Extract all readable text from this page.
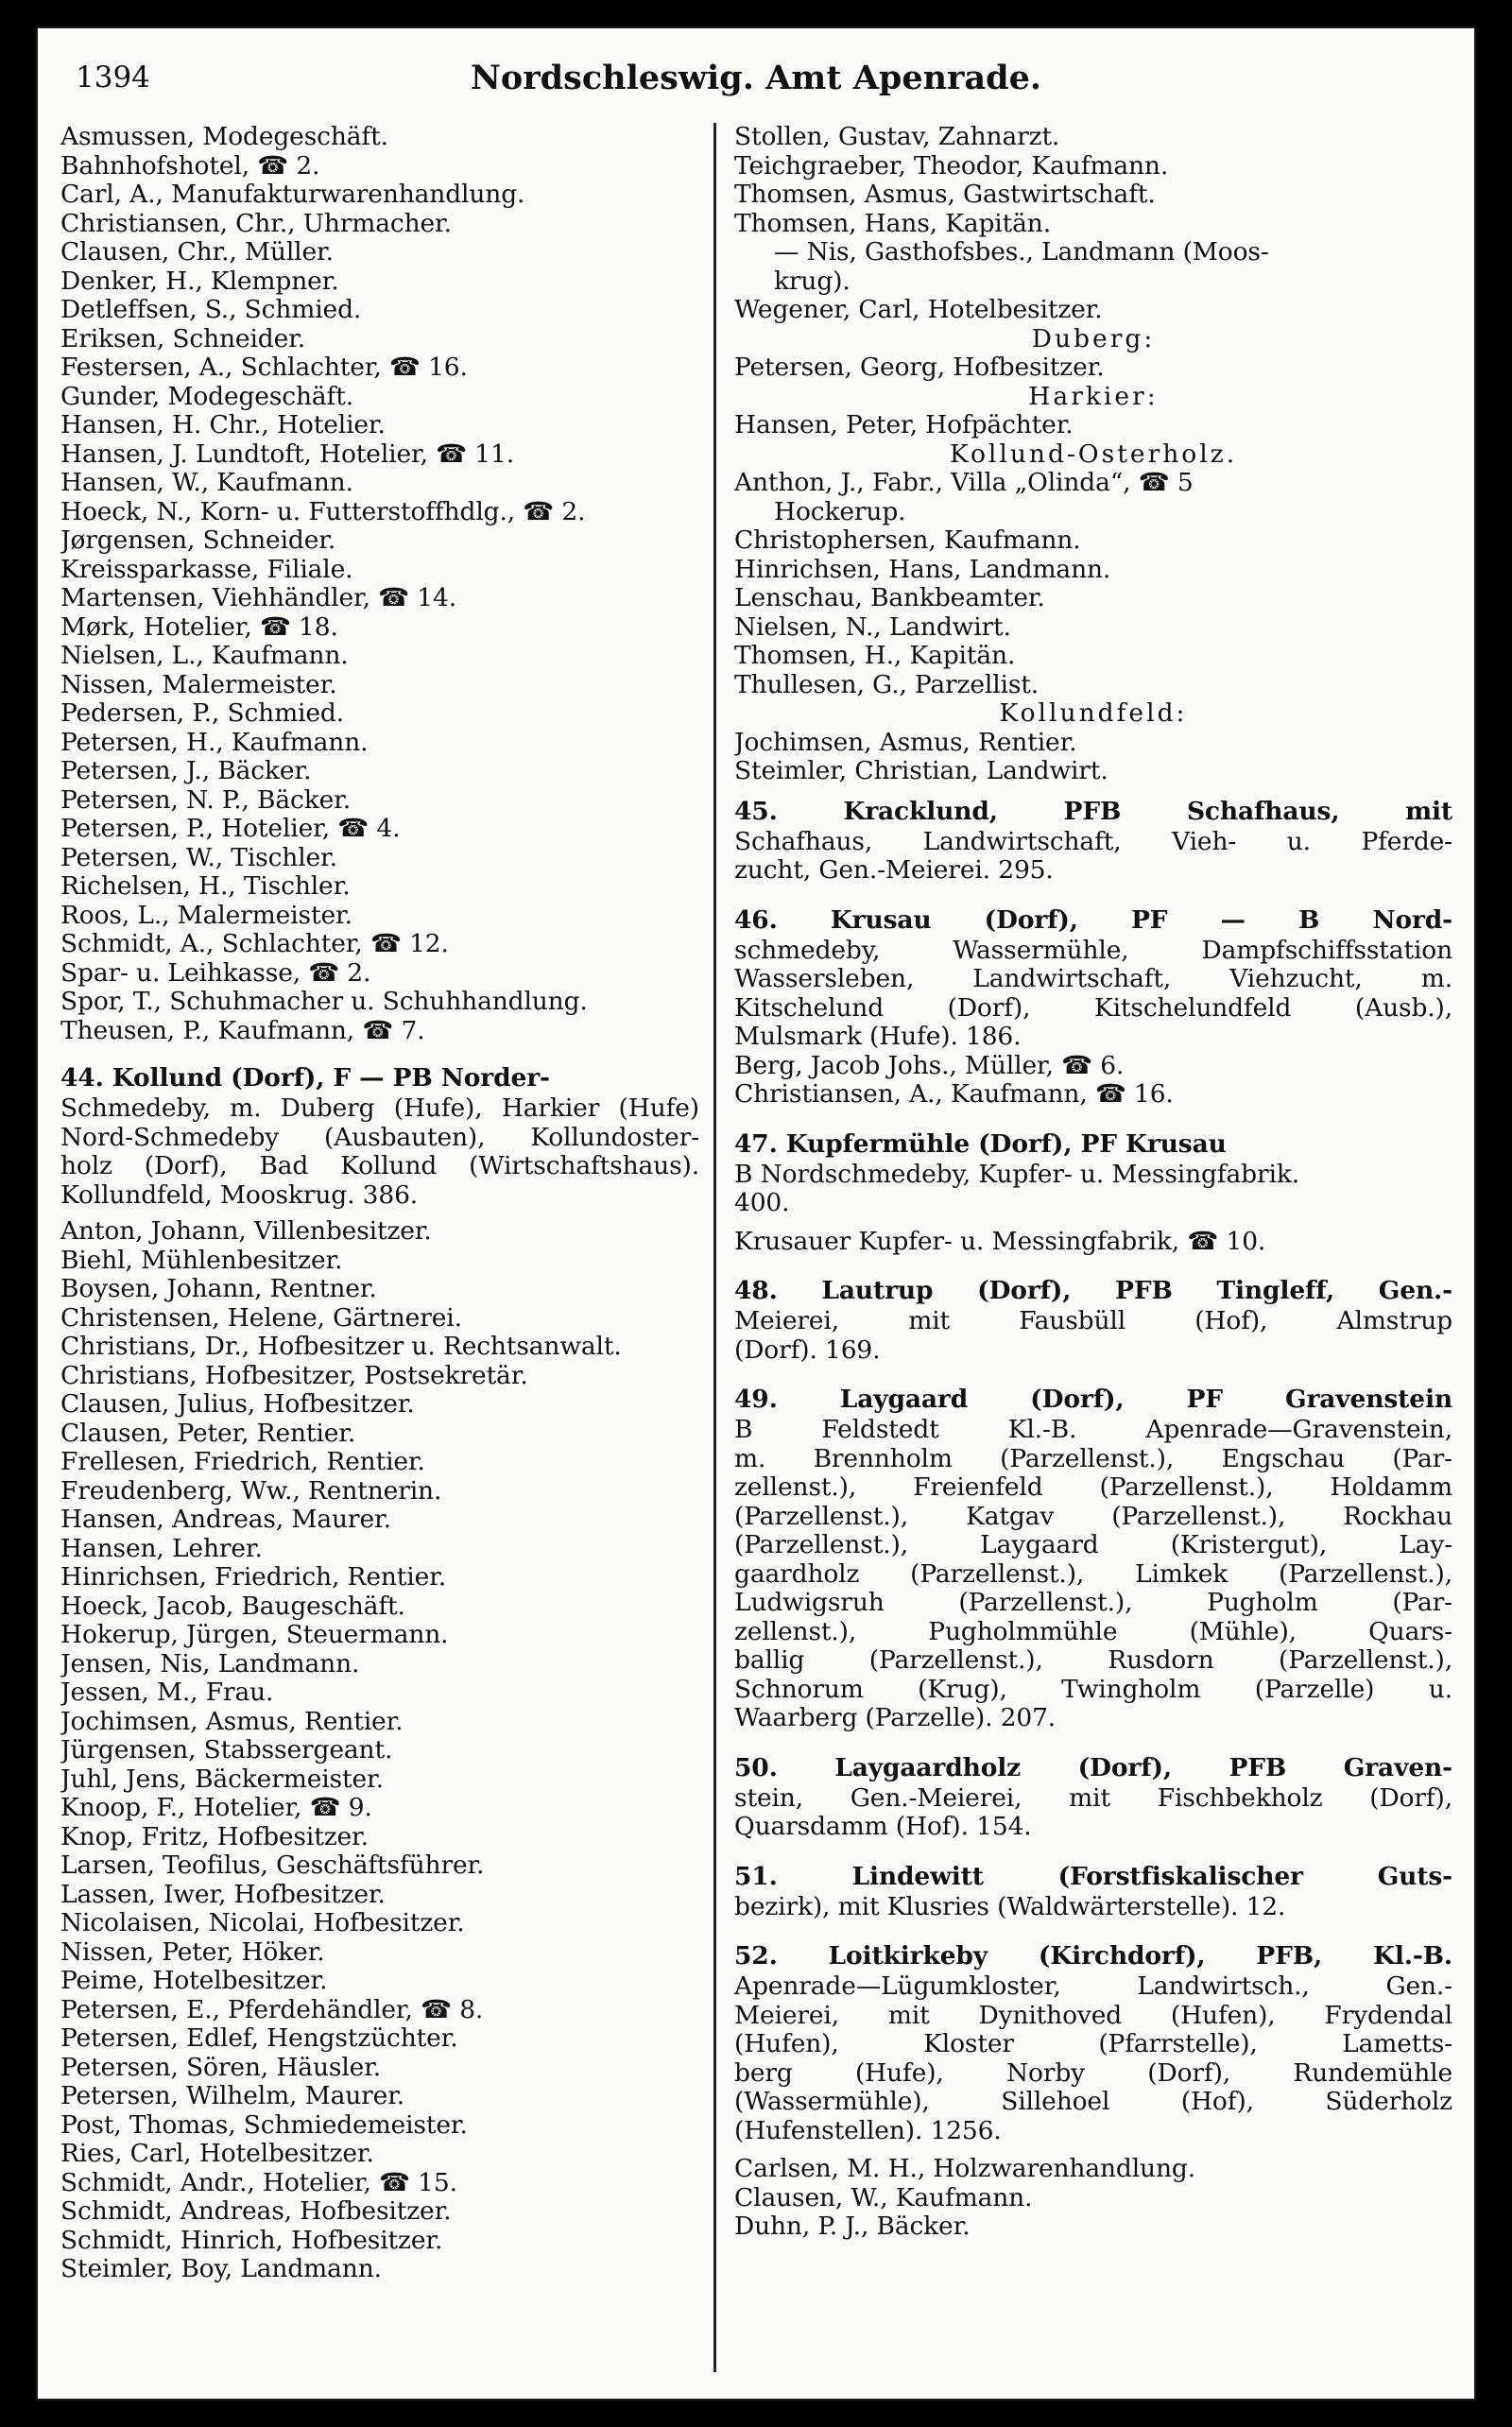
1394	Nordschleswig. Amt Apenrade.
Asmussen, Modegeschäft.
Bahnhofshotel, ☎ 2.
Carl, A., Manufakturwarenhandlung.
Christiansen, Chr., Uhrmacher.
Clausen, Chr., Müller.
Denker, H., Klempner.
Detleffsen, S., Schmied.
Eriksen, Schneider.
Festersen, A., Schlachter, ☎ 16.
Gunder, Modegeschäft.
Hansen, H. Chr., Hotelier.
Hansen, J. Lundtoft, Hotelier, ☎ 11.
Hansen, W., Kaufmann.
Hoeck, N., Korn- u. Futterstoffhdlg., ☎ 2.
Jørgensen, Schneider.
Kreissparkasse, Filiale.
Martensen, Viehhändler, ☎ 14.
Mørk, Hotelier, ☎ 18.
Nielsen, L., Kaufmann.
Nissen, Malermeister.
Pedersen, P., Schmied.
Petersen, H., Kaufmann.
Petersen, J., Bäcker.
Petersen, N. P., Bäcker.
Petersen, P., Hotelier, ☎ 4.
Petersen, W., Tischler.
Richelsen, H., Tischler.
Roos, L., Malermeister.
Schmidt, A., Schlachter, ☎ 12.
Spar- u. Leihkasse, ☎ 2.
Spor, T., Schuhmacher u. Schuhhandlung.
Theusen, P., Kaufmann, ☎ 7.
44. Kollund (Dorf), F — PB Norder-
Schmedeby, m. Duberg (Hufe), Harkier (Hufe)
Nord-Schmedeby (Ausbauten), Kollundoster-
holz (Dorf), Bad Kollund (Wirtschaftshaus).
Kollundfeld, Mooskrug. 386.
Anton, Johann, Villenbesitzer.
Biehl, Mühlenbesitzer.
Boysen, Johann, Rentner.
Christensen, Helene, Gärtnerei.
Christians, Dr., Hofbesitzer u. Rechtsanwalt.
Christians, Hofbesitzer, Postsekretär.
Clausen, Julius, Hofbesitzer.
Clausen, Peter, Rentier.
Frellesen, Friedrich, Rentier.
Freudenberg, Ww., Rentnerin.
Hansen, Andreas, Maurer.
Hansen, Lehrer.
Hinrichsen, Friedrich, Rentier.
Hoeck, Jacob, Baugeschäft.
Hokerup, Jürgen, Steuermann.
Jensen, Nis, Landmann.
Jessen, M., Frau.
Jochimsen, Asmus, Rentier.
Jürgensen, Stabssergeant.
Juhl, Jens, Bäckermeister.
Knoop, F., Hotelier, ☎ 9.
Knop, Fritz, Hofbesitzer.
Larsen, Teofilus, Geschäftsführer.
Lassen, Iwer, Hofbesitzer.
Nicolaisen, Nicolai, Hofbesitzer.
Nissen, Peter, Höker.
Peime, Hotelbesitzer.
Petersen, E., Pferdehändler, ☎ 8.
Petersen, Edlef, Hengstzüchter.
Petersen, Sören, Häusler.
Petersen, Wilhelm, Maurer.
Post, Thomas, Schmiedemeister.
Ries, Carl, Hotelbesitzer.
Schmidt, Andr., Hotelier, ☎ 15.
Schmidt, Andreas, Hofbesitzer.
Schmidt, Hinrich, Hofbesitzer.
Steimler, Boy, Landmann.
Stollen, Gustav, Zahnarzt.
Teichgraeber, Theodor, Kaufmann.
Thomsen, Asmus, Gastwirtschaft.
Thomsen, Hans, Kapitän.
— Nis, Gasthofsbes., Landmann (Moos-
krug).
Wegener, Carl, Hotelbesitzer.
Duberg:
Petersen, Georg, Hofbesitzer.
Harkier:
Hansen, Peter, Hofpächter.
Kollund-Osterholz.
Anthon, J., Fabr., Villa „Olinda“, ☎ 5
Hockerup.
Christophersen, Kaufmann.
Hinrichsen, Hans, Landmann.
Lenschau, Bankbeamter.
Nielsen, N., Landwirt.
Thomsen, H., Kapitän.
Thullesen, G., Parzellist.
Kollundfeld:
Jochimsen, Asmus, Rentier.
Steimler, Christian, Landwirt.
45. Kracklund, PFB Schafhaus, mit
Schafhaus, Landwirtschaft, Vieh- u. Pferde-
zucht, Gen.-Meierei. 295.
46. Krusau (Dorf), PF — B Nord-
schmedeby, Wassermühle, Dampfschiffsstation
Wassersleben, Landwirtschaft, Viehzucht, m.
Kitschelund (Dorf), Kitschelundfeld (Ausb.),
Mulsmark (Hufe). 186.
Berg, Jacob Johs., Müller, ☎ 6.
Christiansen, A., Kaufmann, ☎ 16.
47. Kupfermühle (Dorf), PF Krusau
B Nordschmedeby, Kupfer- u. Messingfabrik.
400.
Krusauer Kupfer- u. Messingfabrik, ☎ 10.
48. Lautrup (Dorf), PFB Tingleff, Gen.-
Meierei, mit Fausbüll (Hof), Almstrup
(Dorf). 169.
49. Laygaard (Dorf), PF Gravenstein
B Feldstedt Kl.-B. Apenrade—Gravenstein,
m. Brennholm (Parzellenst.), Engschau (Par-
zellenst.), Freienfeld (Parzellenst.), Holdamm
(Parzellenst.), Katgav (Parzellenst.), Rockhau
(Parzellenst.), Laygaard (Kristergut), Lay-
gaardholz (Parzellenst.), Limkek (Parzellenst.),
Ludwigsruh (Parzellenst.), Pugholm (Par-
zellenst.), Pugholmmühle (Mühle), Quars-
ballig (Parzellenst.), Rusdorn (Parzellenst.),
Schnorum (Krug), Twingholm (Parzelle) u.
Waarberg (Parzelle). 207.
50. Laygaardholz (Dorf), PFB Graven-
stein, Gen.-Meierei, mit Fischbekholz (Dorf),
Quarsdamm (Hof). 154.
51. Lindewitt (Forstfiskalischer Guts-
bezirk), mit Klusries (Waldwärterstelle). 12.
52. Loitkirkeby (Kirchdorf), PFB, Kl.-B.
Apenrade—Lügumkloster, Landwirtsch., Gen.-
Meierei, mit Dynithoved (Hufen), Frydendal
(Hufen), Kloster (Pfarrstelle), Lametts-
berg (Hufe), Norby (Dorf), Rundemühle
(Wassermühle), Sillehoel (Hof), Süderholz
(Hufenstellen). 1256.
Carlsen, M. H., Holzwarenhandlung.
Clausen, W., Kaufmann.
Duhn, P. J., Bäcker.
